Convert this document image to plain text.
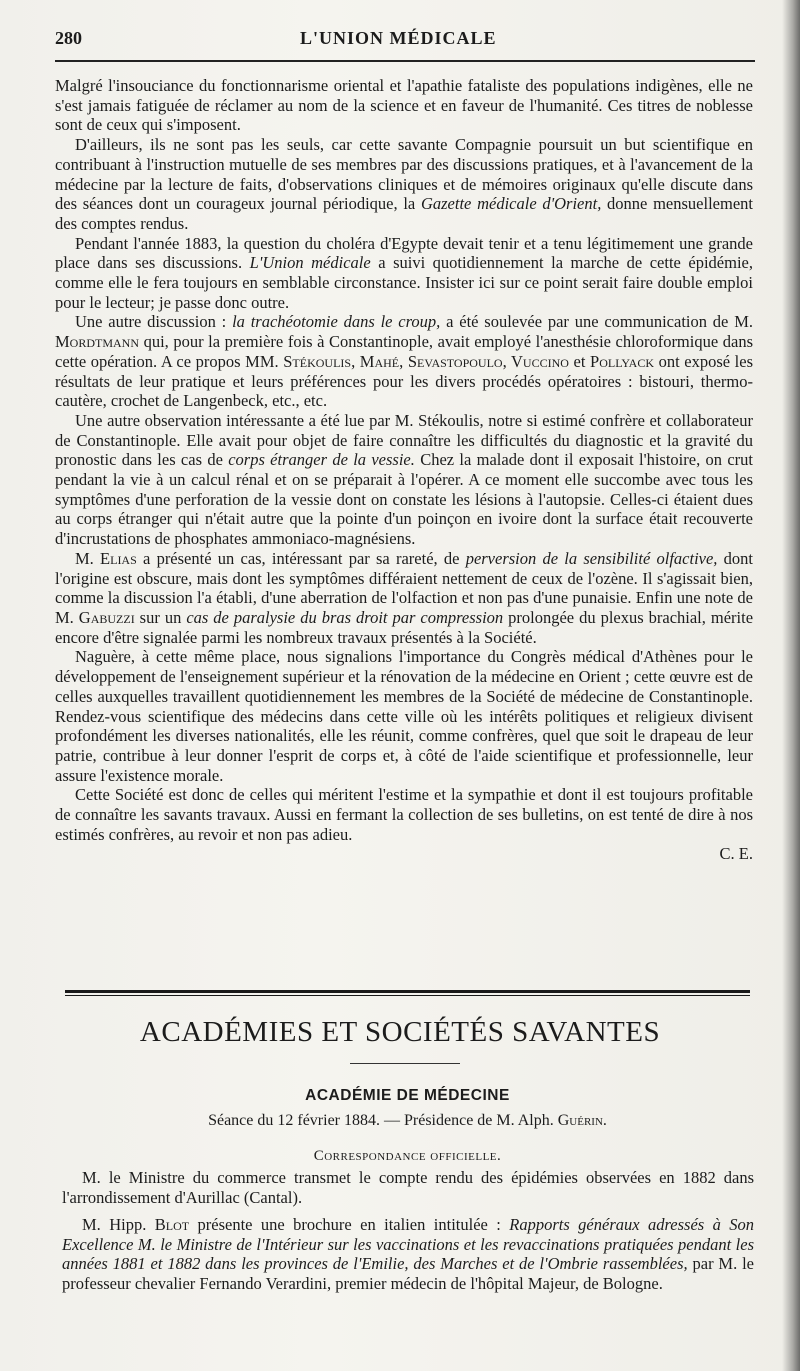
280	L'UNION MÉDICALE

Malgré l'insouciance du fonctionnarisme oriental et l'apathie fataliste des populations indigènes, elle ne s'est jamais fatiguée de réclamer au nom de la science et en faveur de l'humanité. Ces titres de noblesse sont de ceux qui s'imposent.

D'ailleurs, ils ne sont pas les seuls, car cette savante Compagnie poursuit un but scientifique en contribuant à l'instruction mutuelle de ses membres par des discussions pratiques, et à l'avancement de la médecine par la lecture de faits, d'observations cliniques et de mémoires originaux qu'elle discute dans des séances dont un courageux journal périodique, la Gazette médicale d'Orient, donne mensuellement des comptes rendus.

Pendant l'année 1883, la question du choléra d'Egypte devait tenir et a tenu légitimement une grande place dans ses discussions. L'Union médicale a suivi quotidiennement la marche de cette épidémie, comme elle le fera toujours en semblable circonstance. Insister ici sur ce point serait faire double emploi pour le lecteur; je passe donc outre.

Une autre discussion : la trachéotomie dans le croup, a été soulevée par une communication de M. Mordtmann qui, pour la première fois à Constantinople, avait employé l'anesthésie chloroformique dans cette opération. A ce propos MM. Stékoulis, Mahé, Sevastopoulo, Vuccino et Pollyack ont exposé les résultats de leur pratique et leurs préférences pour les divers procédés opératoires : bistouri, thermo-cautère, crochet de Langenbeck, etc., etc.

Une autre observation intéressante a été lue par M. Stékoulis, notre si estimé confrère et collaborateur de Constantinople. Elle avait pour objet de faire connaître les difficultés du diagnostic et la gravité du pronostic dans les cas de corps étranger de la vessie. Chez la malade dont il exposait l'histoire, on crut pendant la vie à un calcul rénal et on se préparait à l'opérer. A ce moment elle succombe avec tous les symptômes d'une perforation de la vessie dont on constate les lésions à l'autopsie. Celles-ci étaient dues au corps étranger qui n'était autre que la pointe d'un poinçon en ivoire dont la surface était recouverte d'incrustations de phosphates ammoniaco-magnésiens.

M. Elias a présenté un cas, intéressant par sa rareté, de perversion de la sensibilité olfactive, dont l'origine est obscure, mais dont les symptômes différaient nettement de ceux de l'ozène. Il s'agissait bien, comme la discussion l'a établi, d'une aberration de l'olfaction et non pas d'une punaisie. Enfin une note de M. Gabuzzi sur un cas de paralysie du bras droit par compression prolongée du plexus brachial, mérite encore d'être signalée parmi les nombreux travaux présentés à la Société.

Naguère, à cette même place, nous signalions l'importance du Congrès médical d'Athènes pour le développement de l'enseignement supérieur et la rénovation de la médecine en Orient ; cette œuvre est de celles auxquelles travaillent quotidiennement les membres de la Société de médecine de Constantinople. Rendez-vous scientifique des médecins dans cette ville où les intérêts politiques et religieux divisent profondément les diverses nationalités, elle les réunit, comme confrères, quel que soit le drapeau de leur patrie, contribue à leur donner l'esprit de corps et, à côté de l'aide scientifique et professionnelle, leur assure l'existence morale.

Cette Société est donc de celles qui méritent l'estime et la sympathie et dont il est toujours profitable de connaître les savants travaux. Aussi en fermant la collection de ses bulletins, on est tenté de dire à nos estimés confrères, au revoir et non pas adieu.

C. E.
ACADÉMIES ET SOCIÉTÉS SAVANTES
ACADÉMIE DE MÉDECINE
Séance du 12 février 1884. — Présidence de M. Alph. Guérin.
Correspondance officielle.

M. le Ministre du commerce transmet le compte rendu des épidémies observées en 1882 dans l'arrondissement d'Aurillac (Cantal).

M. Hipp. Blot présente une brochure en italien intitulée : Rapports généraux adressés à Son Excellence M. le Ministre de l'Intérieur sur les vaccinations et les revaccinations pratiquées pendant les années 1881 et 1882 dans les provinces de l'Emilie, des Marches et de l'Ombrie rassemblées, par M. le professeur chevalier Fernando Verardini, premier médecin de l'hôpital Majeur, de Bologne.
